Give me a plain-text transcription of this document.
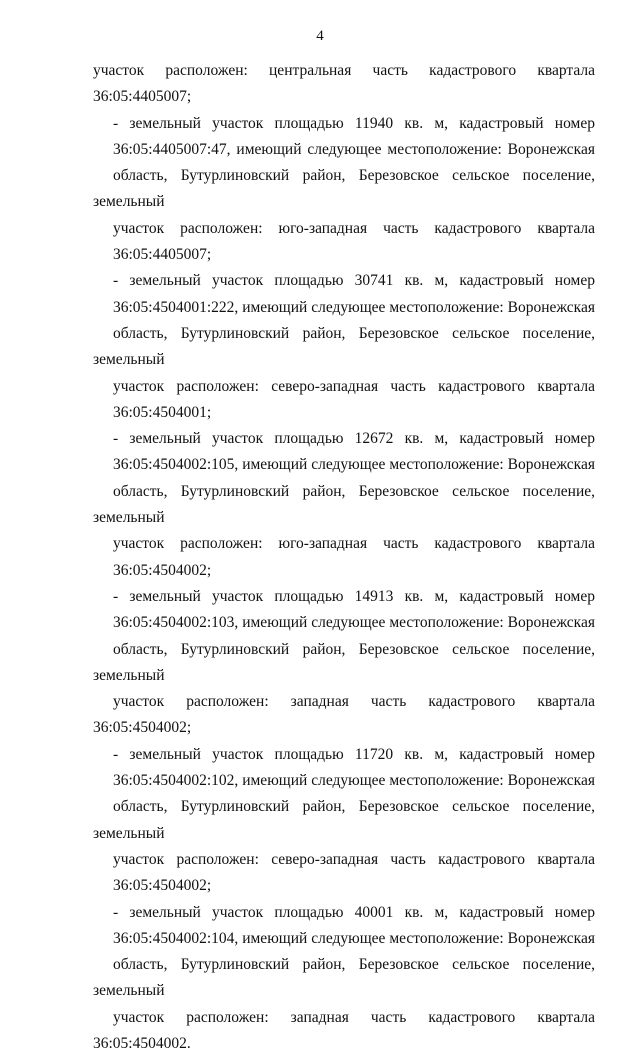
4

участок расположен: центральная часть кадастрового квартала
36:05:4405007;

- земельный участок площадью 11940 кв. м, кадастровый номер
36:05:4405007:47, имеющий следующее местоположение: Воронежская
область, Бутурлиновский район, Березовское сельское поселение, земельный
участок расположен: юго-западная часть кадастрового квартала
36:05:4405007;

- земельный участок площадью 30741 кв. м, кадастровый номер
36:05:4504001:222, имеющий следующее местоположение: Воронежская
область, Бутурлиновский район, Березовское сельское поселение, земельный
участок расположен: северо-западная часть кадастрового квартала
36:05:4504001;

- земельный участок площадью 12672 кв. м, кадастровый номер
36:05:4504002:105, имеющий следующее местоположение: Воронежская
область, Бутурлиновский район, Березовское сельское поселение, земельный
участок расположен: юго-западная часть кадастрового квартала
36:05:4504002;

- земельный участок площадью 14913 кв. м, кадастровый номер
36:05:4504002:103, имеющий следующее местоположение: Воронежская
область, Бутурлиновский район, Березовское сельское поселение, земельный
участок расположен: западная часть кадастрового квартала 36:05:4504002;

- земельный участок площадью 11720 кв. м, кадастровый номер
36:05:4504002:102, имеющий следующее местоположение: Воронежская
область, Бутурлиновский район, Березовское сельское поселение, земельный
участок расположен: северо-западная часть кадастрового квартала
36:05:4504002;

- земельный участок площадью 40001 кв. м, кадастровый номер
36:05:4504002:104, имеющий следующее местоположение: Воронежская
область, Бутурлиновский район, Березовское сельское поселение, земельный
участок расположен: западная часть кадастрового квартала 36:05:4504002.
